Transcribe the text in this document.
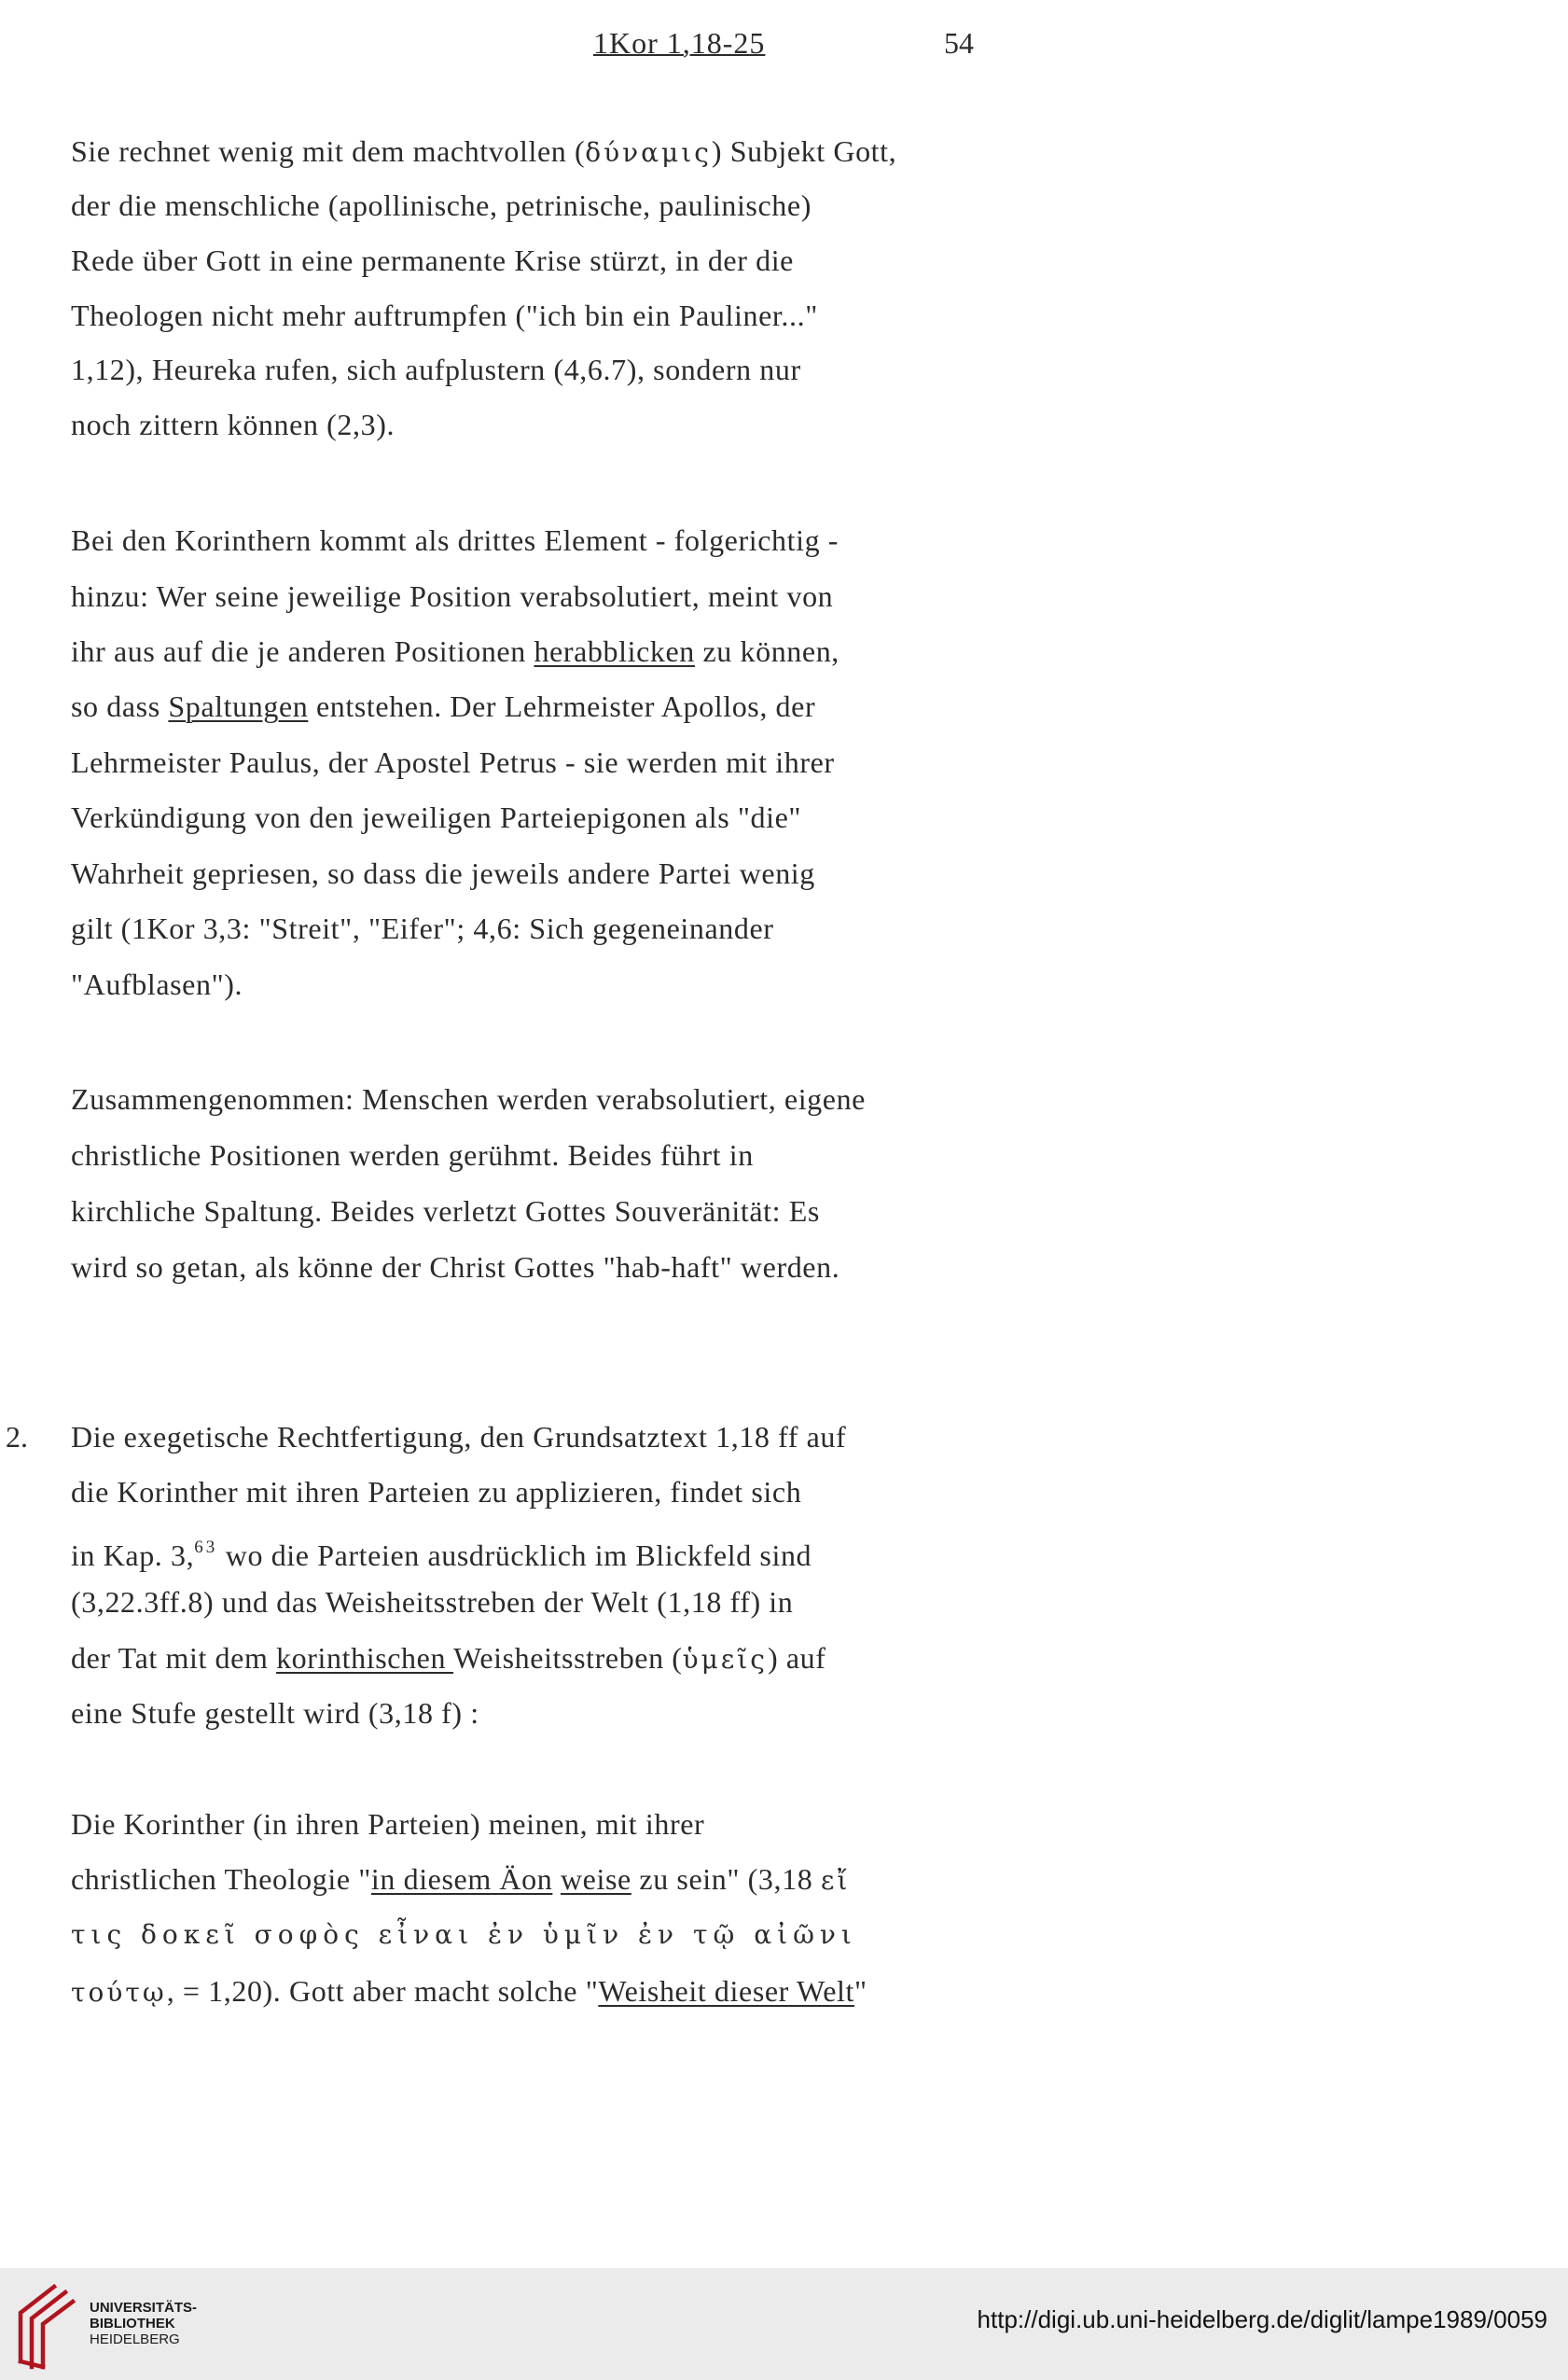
1Kor 1,18-25	54
Sie rechnet wenig mit dem machtvollen (δύναμις) Subjekt Gott,
der die menschliche (apollinische, petrinische, paulinische)
Rede über Gott in eine permanente Krise stürzt, in der die
Theologen nicht mehr auftrumpfen ("ich bin ein Pauliner..."
1,12), Heureka rufen, sich aufplustern (4,6.7), sondern nur
noch zittern können (2,3).
Bei den Korinthern kommt als drittes Element - folgerichtig -
hinzu: Wer seine jeweilige Position verabsolutiert, meint von
ihr aus auf die je anderen Positionen herabblicken zu können,
so dass Spaltungen entstehen. Der Lehrmeister Apollos, der
Lehrmeister Paulus, der Apostel Petrus - sie werden mit ihrer
Verkündigung von den jeweiligen Parteiepigonen als "die"
Wahrheit gepriesen, so dass die jeweils andere Partei wenig
gilt (1Kor 3,3: "Streit", "Eifer"; 4,6: Sich gegeneinander
"Aufblasen").
Zusammengenommen: Menschen werden verabsolutiert, eigene
christliche Positionen werden gerühmt. Beides führt in
kirchliche Spaltung. Beides verletzt Gottes Souveränität: Es
wird so getan, als könne der Christ Gottes "hab-haft" werden.
2. Die exegetische Rechtfertigung, den Grundsatztext 1,18 ff auf
die Korinther mit ihren Parteien zu applizieren, findet sich
in Kap. 3,63 wo die Parteien ausdrücklich im Blickfeld sind
(3,22.3ff.8) und das Weisheitsstreben der Welt (1,18 ff) in
der Tat mit dem korinthischen Weisheitsstreben (ὑμεῖς) auf
eine Stufe gestellt wird (3,18 f) :
Die Korinther (in ihren Parteien) meinen, mit ihrer
christlichen Theologie "in diesem Äon weise zu sein" (3,18 εἴ
τις δοκεῖ σοφὸς εἶναι ἐν ὑμῖν ἐν τῷ αἰῶνι
τούτῳ, = 1,20). Gott aber macht solche "Weisheit dieser Welt"
UNIVERSITÄTS-
BIBLIOTHEK
HEIDELBERG
http://digi.ub.uni-heidelberg.de/diglit/lampe1989/0059
